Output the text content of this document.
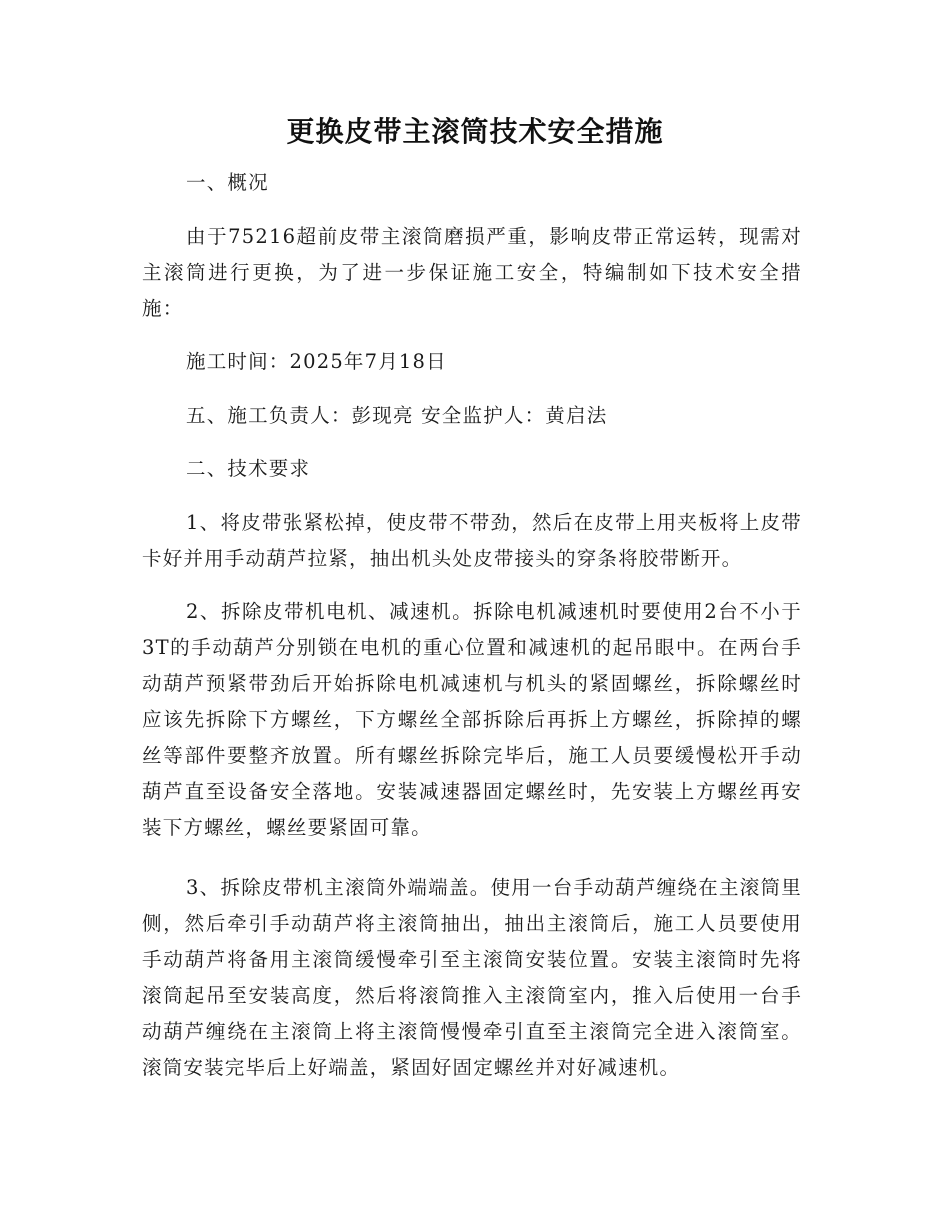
更换皮带主滚筒技术安全措施

一、概况

由于75216超前皮带主滚筒磨损严重，影响皮带正常运转，现需对主滚筒进行更换，为了进一步保证施工安全，特编制如下技术安全措施：

施工时间：2025年7月18日

五、施工负责人：彭现亮 安全监护人：黄启法

二、技术要求

1、将皮带张紧松掉，使皮带不带劲，然后在皮带上用夹板将上皮带卡好并用手动葫芦拉紧，抽出机头处皮带接头的穿条将胶带断开。

2、拆除皮带机电机、减速机。拆除电机减速机时要使用2台不小于3T的手动葫芦分别锁在电机的重心位置和减速机的起吊眼中。在两台手动葫芦预紧带劲后开始拆除电机减速机与机头的紧固螺丝，拆除螺丝时应该先拆除下方螺丝，下方螺丝全部拆除后再拆上方螺丝，拆除掉的螺丝等部件要整齐放置。所有螺丝拆除完毕后，施工人员要缓慢松开手动葫芦直至设备安全落地。安装减速器固定螺丝时，先安装上方螺丝再安装下方螺丝，螺丝要紧固可靠。

3、拆除皮带机主滚筒外端端盖。使用一台手动葫芦缠绕在主滚筒里侧，然后牵引手动葫芦将主滚筒抽出，抽出主滚筒后，施工人员要使用手动葫芦将备用主滚筒缓慢牵引至主滚筒安装位置。安装主滚筒时先将滚筒起吊至安装高度，然后将滚筒推入主滚筒室内，推入后使用一台手动葫芦缠绕在主滚筒上将主滚筒慢慢牵引直至主滚筒完全进入滚筒室。滚筒安装完毕后上好端盖，紧固好固定螺丝并对好减速机。
